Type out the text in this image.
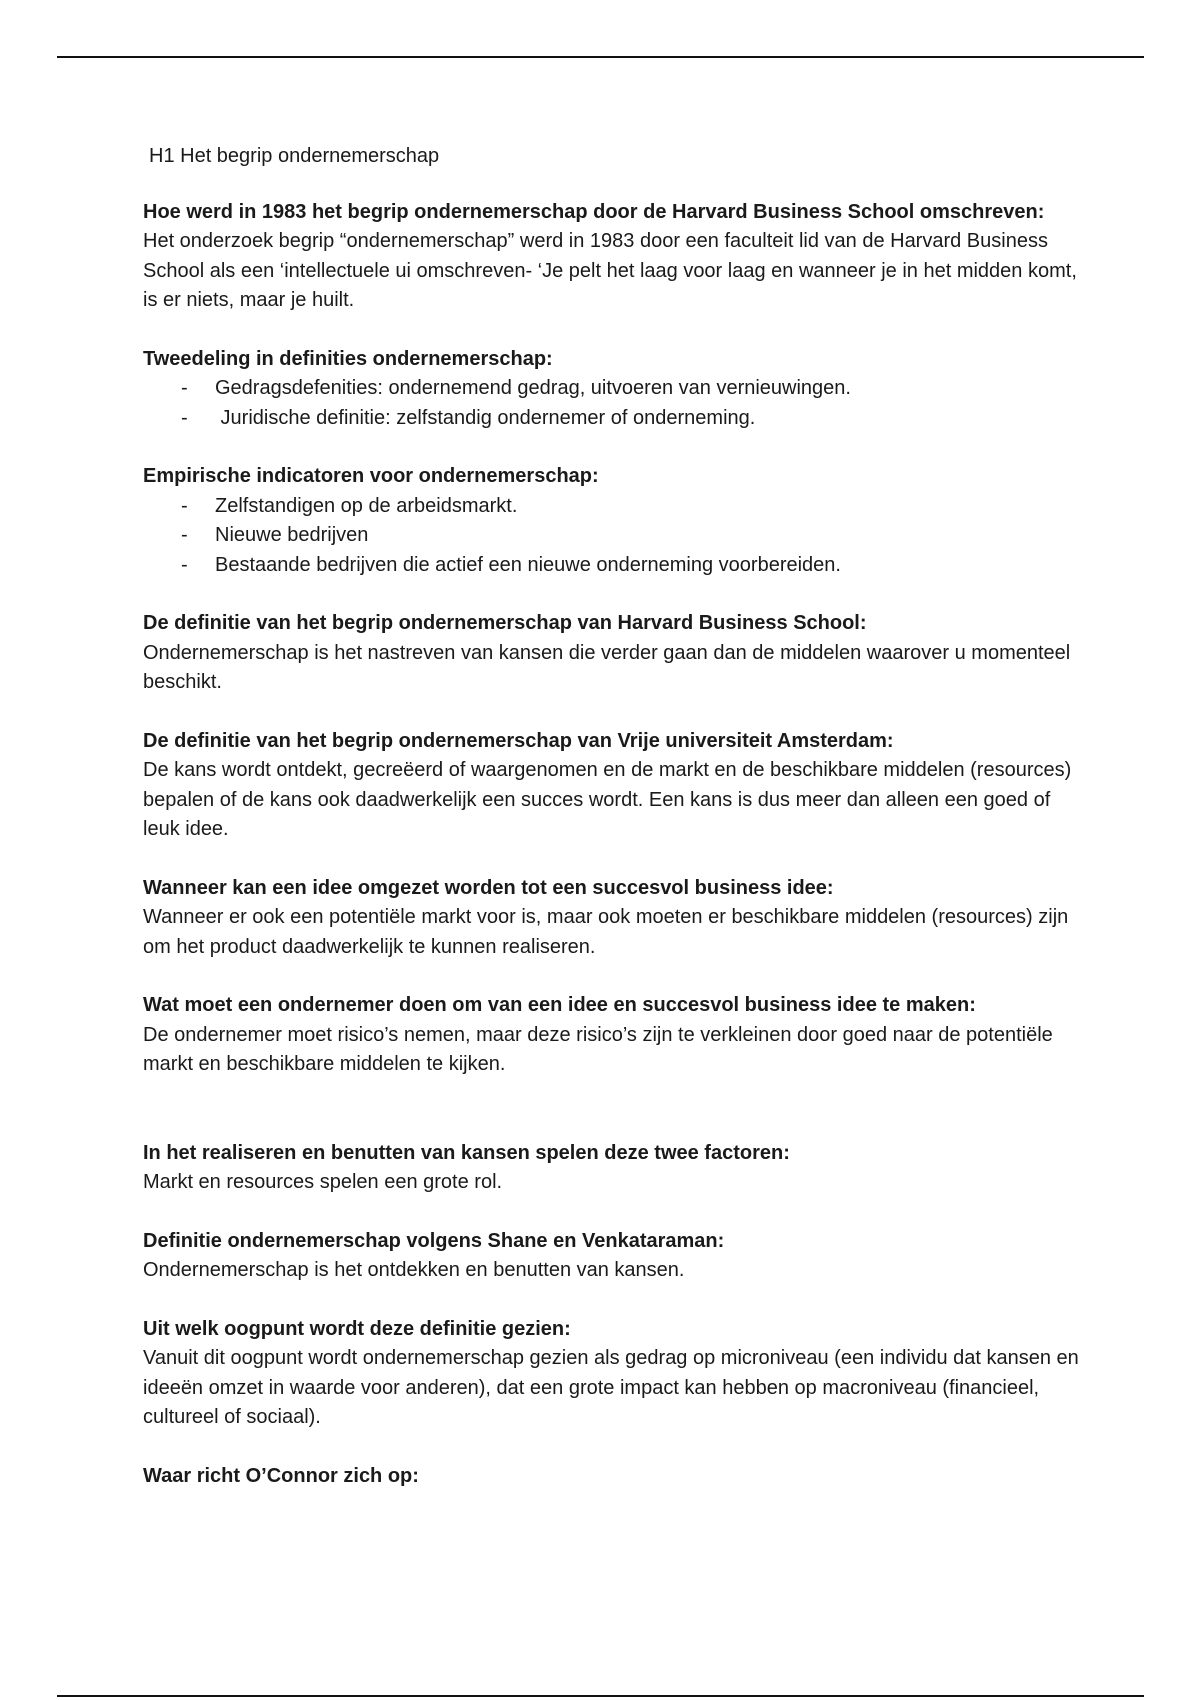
H1 Het begrip ondernemerschap

Hoe werd in 1983 het begrip ondernemerschap door de Harvard Business School omschreven:

Het onderzoek begrip “ondernemerschap” werd in 1983 door een faculteit lid van de Harvard Business School als een ‘intellectuele ui omschreven- ‘Je pelt het laag voor laag en wanneer je in het midden komt, is er niets, maar je huilt.

Tweedeling in definities ondernemerschap:

- Gedragsdefenities: ondernemend gedrag, uitvoeren van vernieuwingen.
-  Juridische definitie: zelfstandig ondernemer of onderneming.

Empirische indicatoren voor ondernemerschap:

- Zelfstandigen op de arbeidsmarkt.
- Nieuwe bedrijven
- Bestaande bedrijven die actief een nieuwe onderneming voorbereiden.

De definitie van het begrip ondernemerschap van Harvard Business School:

Ondernemerschap is het nastreven van kansen die verder gaan dan de middelen waarover u momenteel beschikt.

De definitie van het begrip ondernemerschap van Vrije universiteit Amsterdam:

De kans wordt ontdekt, gecreëerd of waargenomen en de markt en de beschikbare middelen (resources) bepalen of de kans ook daadwerkelijk een succes wordt. Een kans is dus meer dan alleen een goed of leuk idee.

Wanneer kan een idee omgezet worden tot een succesvol business idee:

Wanneer er ook een potentiële markt voor is, maar ook moeten er beschikbare middelen (resources) zijn om het product daadwerkelijk te kunnen realiseren.

Wat moet een ondernemer doen om van een idee en succesvol business idee te maken:

De ondernemer moet risico’s nemen, maar deze risico’s zijn te verkleinen door goed naar de potentiële markt en beschikbare middelen te kijken.

In het realiseren en benutten van kansen spelen deze twee factoren:

Markt en resources spelen een grote rol.

Definitie ondernemerschap volgens Shane en Venkataraman:

Ondernemerschap is het ontdekken en benutten van kansen.

Uit welk oogpunt wordt deze definitie gezien:

Vanuit dit oogpunt wordt ondernemerschap gezien als gedrag op microniveau (een individu dat kansen en ideeën omzet in waarde voor anderen), dat een grote impact kan hebben op macroniveau (financieel, cultureel of sociaal).

Waar richt O’Connor zich op:
